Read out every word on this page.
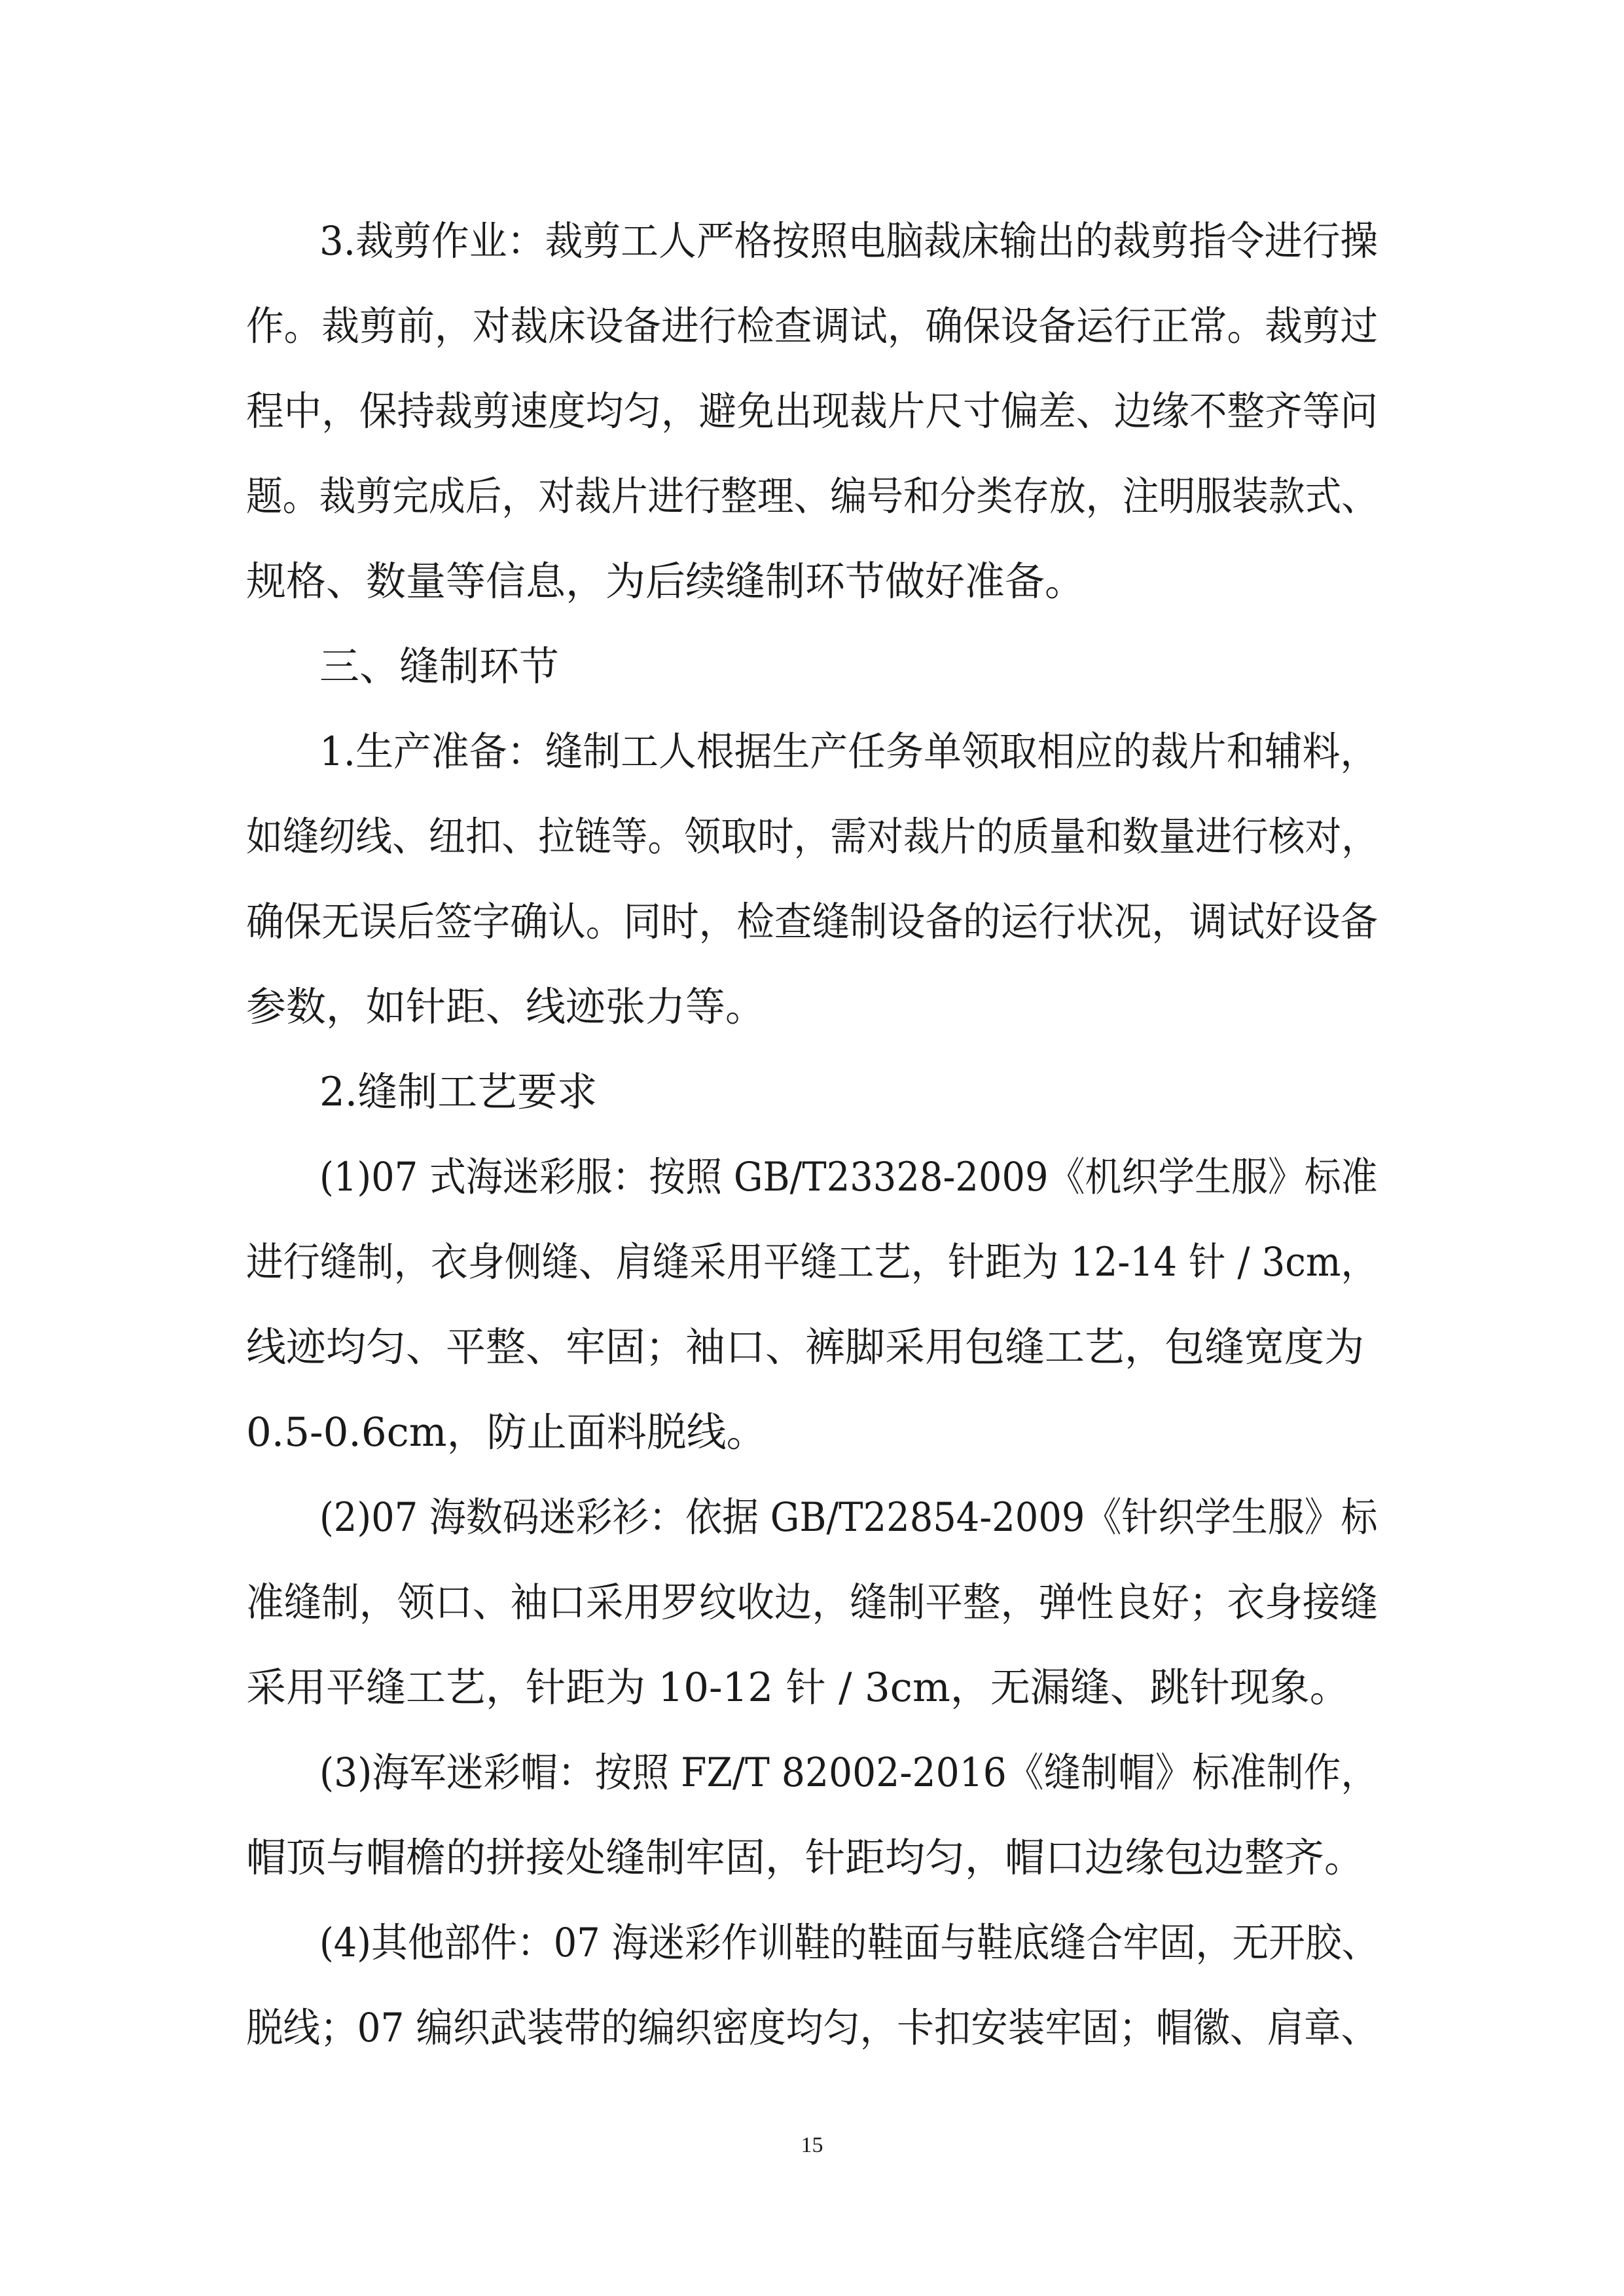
3.裁剪作业：裁剪工人严格按照电脑裁床输出的裁剪指令进行操
作。裁剪前，对裁床设备进行检查调试，确保设备运行正常。裁剪过
程中，保持裁剪速度均匀，避免出现裁片尺寸偏差、边缘不整齐等问
题。裁剪完成后，对裁片进行整理、编号和分类存放，注明服装款式、
规格、数量等信息，为后续缝制环节做好准备。
三、缝制环节
1.生产准备：缝制工人根据生产任务单领取相应的裁片和辅料，
如缝纫线、纽扣、拉链等。领取时，需对裁片的质量和数量进行核对，
确保无误后签字确认。同时，检查缝制设备的运行状况，调试好设备
参数，如针距、线迹张力等。
2.缝制工艺要求
(1)07 式海迷彩服：按照 GB/T23328-2009《机织学生服》标准
进行缝制，衣身侧缝、肩缝采用平缝工艺，针距为 12-14 针 / 3cm，
线迹均匀、平整、牢固；袖口、裤脚采用包缝工艺，包缝宽度为
0.5-0.6cm，防止面料脱线。
(2)07 海数码迷彩衫：依据 GB/T22854-2009《针织学生服》标
准缝制，领口、袖口采用罗纹收边，缝制平整，弹性良好；衣身接缝
采用平缝工艺，针距为 10-12 针 / 3cm，无漏缝、跳针现象。
(3)海军迷彩帽：按照 FZ/T 82002-2016《缝制帽》标准制作，
帽顶与帽檐的拼接处缝制牢固，针距均匀，帽口边缘包边整齐。
(4)其他部件：07 海迷彩作训鞋的鞋面与鞋底缝合牢固，无开胶、
脱线；07 编织武装带的编织密度均匀，卡扣安装牢固；帽徽、肩章、
15
